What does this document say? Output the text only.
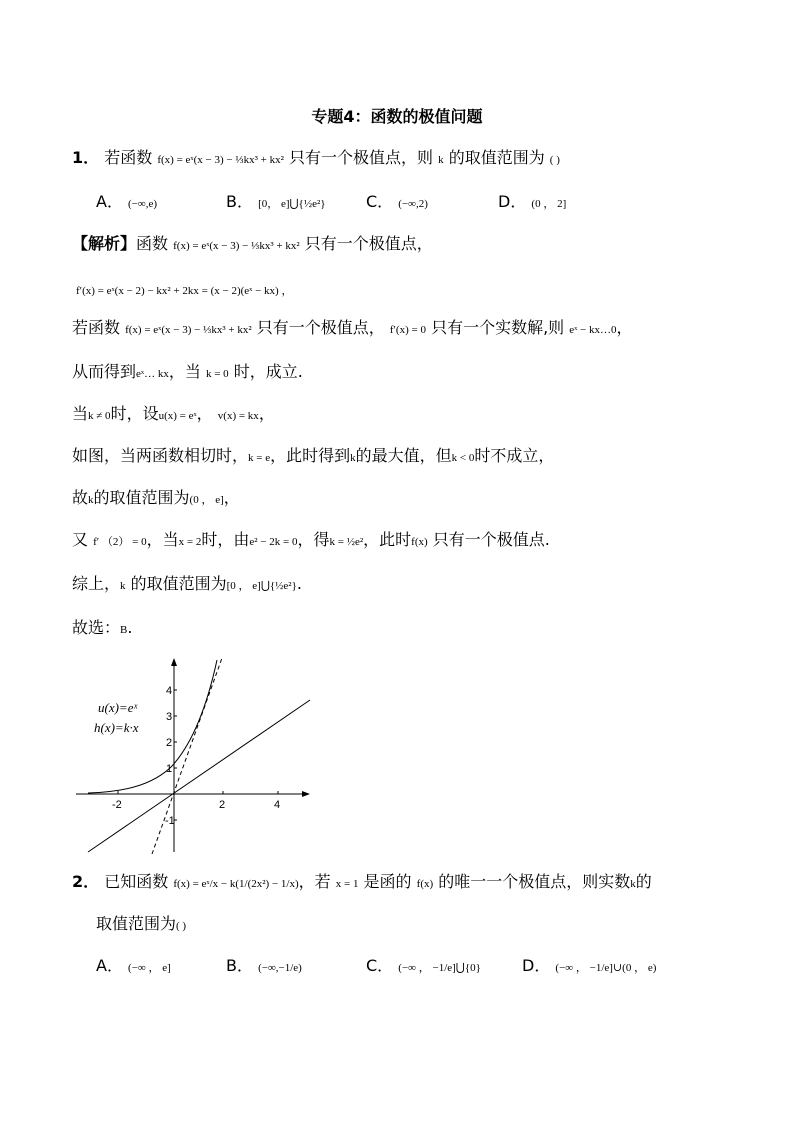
专题4：函数的极值问题
1． 若函数 f(x) = eˣ(x − 3) − ⅓kx³ + kx² 只有一个极值点，则 k 的取值范围为 ( )
A． (−∞,e)	B． [0， e]⋃{½e²}	C． (−∞,2)	D． (0 ， 2]
【解析】函数 f(x) = eˣ(x − 3) − ⅓kx³ + kx² 只有一个极值点，
f′(x) = eˣ(x − 2) − kx² + 2kx = (x − 2)(eˣ − kx) ，
若函数 f(x) = eˣ(x − 3) − ⅓kx³ + kx² 只有一个极值点， f′(x) = 0 只有一个实数解,则 eˣ − kx…0，
从而得到eˣ… kx，当 k = 0 时，成立.
当k ≠ 0时，设u(x) = eˣ， v(x) = kx，
如图，当两函数相切时，k = e，此时得到k的最大值，但k < 0时不成立，
故k的取值范围为(0 ， e]，
又 f′ （2） = 0，当x = 2时，由e² − 2k = 0，得k = ½e²，此时f(x) 只有一个极值点.
综上，k 的取值范围为[0 ， e]⋃{½e²}.
故选：B.
-2	2	4
1
2
3
4
-1
u(x)=eˣ
h(x)=k·x
2． 已知函数 f(x) = eˣ/x − k(1/(2x²) − 1/x)，若 x = 1 是函的 f(x) 的唯一一个极值点，则实数k的
取值范围为( )
A． (−∞ ， e]	B． (−∞,−1/e)	C． (−∞ ， −1/e]⋃{0}	D． (−∞ ， −1/e]∪(0 ， e)
